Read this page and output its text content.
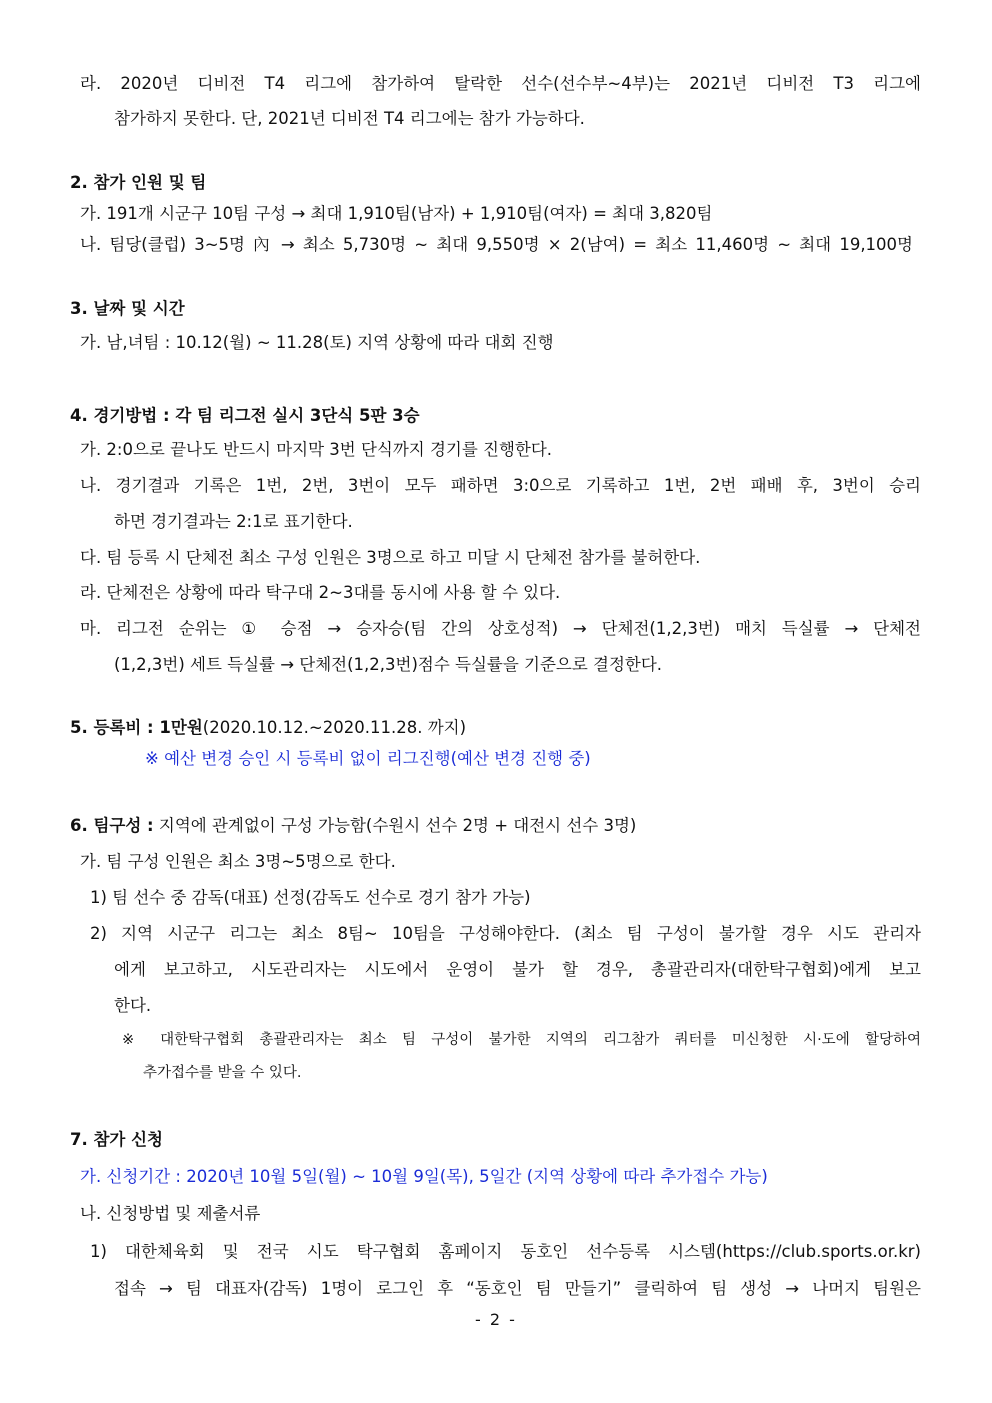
라. 2020년 디비전 T4 리그에 참가하여 탈락한 선수(선수부~4부)는 2021년 디비전 T3 리그에
참가하지 못한다. 단, 2021년 디비전 T4 리그에는 참가 가능하다.
2. 참가 인원 및 팀
가. 191개 시군구 10팀 구성 → 최대 1,910팀(남자) + 1,910팀(여자) = 최대 3,820팀
나. 팀당(클럽) 3~5명 內 → 최소 5,730명 ~ 최대 9,550명 × 2(남여) = 최소 11,460명 ~ 최대 19,100명
3. 날짜 및 시간
가. 남,녀팀 : 10.12(월) ~ 11.28(토) 지역 상황에 따라 대회 진행
4. 경기방법 : 각 팀 리그전 실시 3단식 5판 3승
가. 2:0으로 끝나도 반드시 마지막 3번 단식까지 경기를 진행한다.
나. 경기결과 기록은 1번, 2번, 3번이 모두 패하면 3:0으로 기록하고 1번, 2번 패배 후, 3번이 승리
하면 경기결과는 2:1로 표기한다.
다. 팀 등록 시 단체전 최소 구성 인원은 3명으로 하고 미달 시 단체전 참가를 불허한다.
라. 단체전은 상황에 따라 탁구대 2~3대를 동시에 사용 할 수 있다.
마. 리그전 순위는 ① 승점 → 승자승(팀 간의 상호성적) → 단체전(1,2,3번) 매치 득실률 → 단체전
(1,2,3번) 세트 득실률 → 단체전(1,2,3번)점수 득실률을 기준으로 결정한다.
5. 등록비 : 1만원(2020.10.12.~2020.11.28. 까지)
※ 예산 변경 승인 시 등록비 없이 리그진행(예산 변경 진행 중)
6. 팀구성 : 지역에 관계없이 구성 가능함(수원시 선수 2명 + 대전시 선수 3명)
가. 팀 구성 인원은 최소 3명~5명으로 한다.
1) 팀 선수 중 감독(대표) 선정(감독도 선수로 경기 참가 가능)
2) 지역 시군구 리그는 최소 8팀~ 10팀을 구성해야한다. (최소 팀 구성이 불가할 경우 시도 관리자
에게 보고하고, 시도관리자는 시도에서 운영이 불가 할 경우, 총괄관리자(대한탁구협회)에게 보고
한다.
※ 대한탁구협회 총괄관리자는 최소 팀 구성이 불가한 지역의 리그참가 쿼터를 미신청한 시·도에 할당하여
추가접수를 받을 수 있다.
7. 참가 신청
가. 신청기간 : 2020년 10월 5일(월) ~ 10월 9일(목), 5일간 (지역 상황에 따라 추가접수 가능)
나. 신청방법 및 제출서류
1) 대한체육회 및 전국 시도 탁구협회 홈페이지 동호인 선수등록 시스템(https://club.sports.or.kr)
접속 → 팀 대표자(감독) 1명이 로그인 후 “동호인 팀 만들기” 클릭하여 팀 생성 → 나머지 팀원은
- 2 -
